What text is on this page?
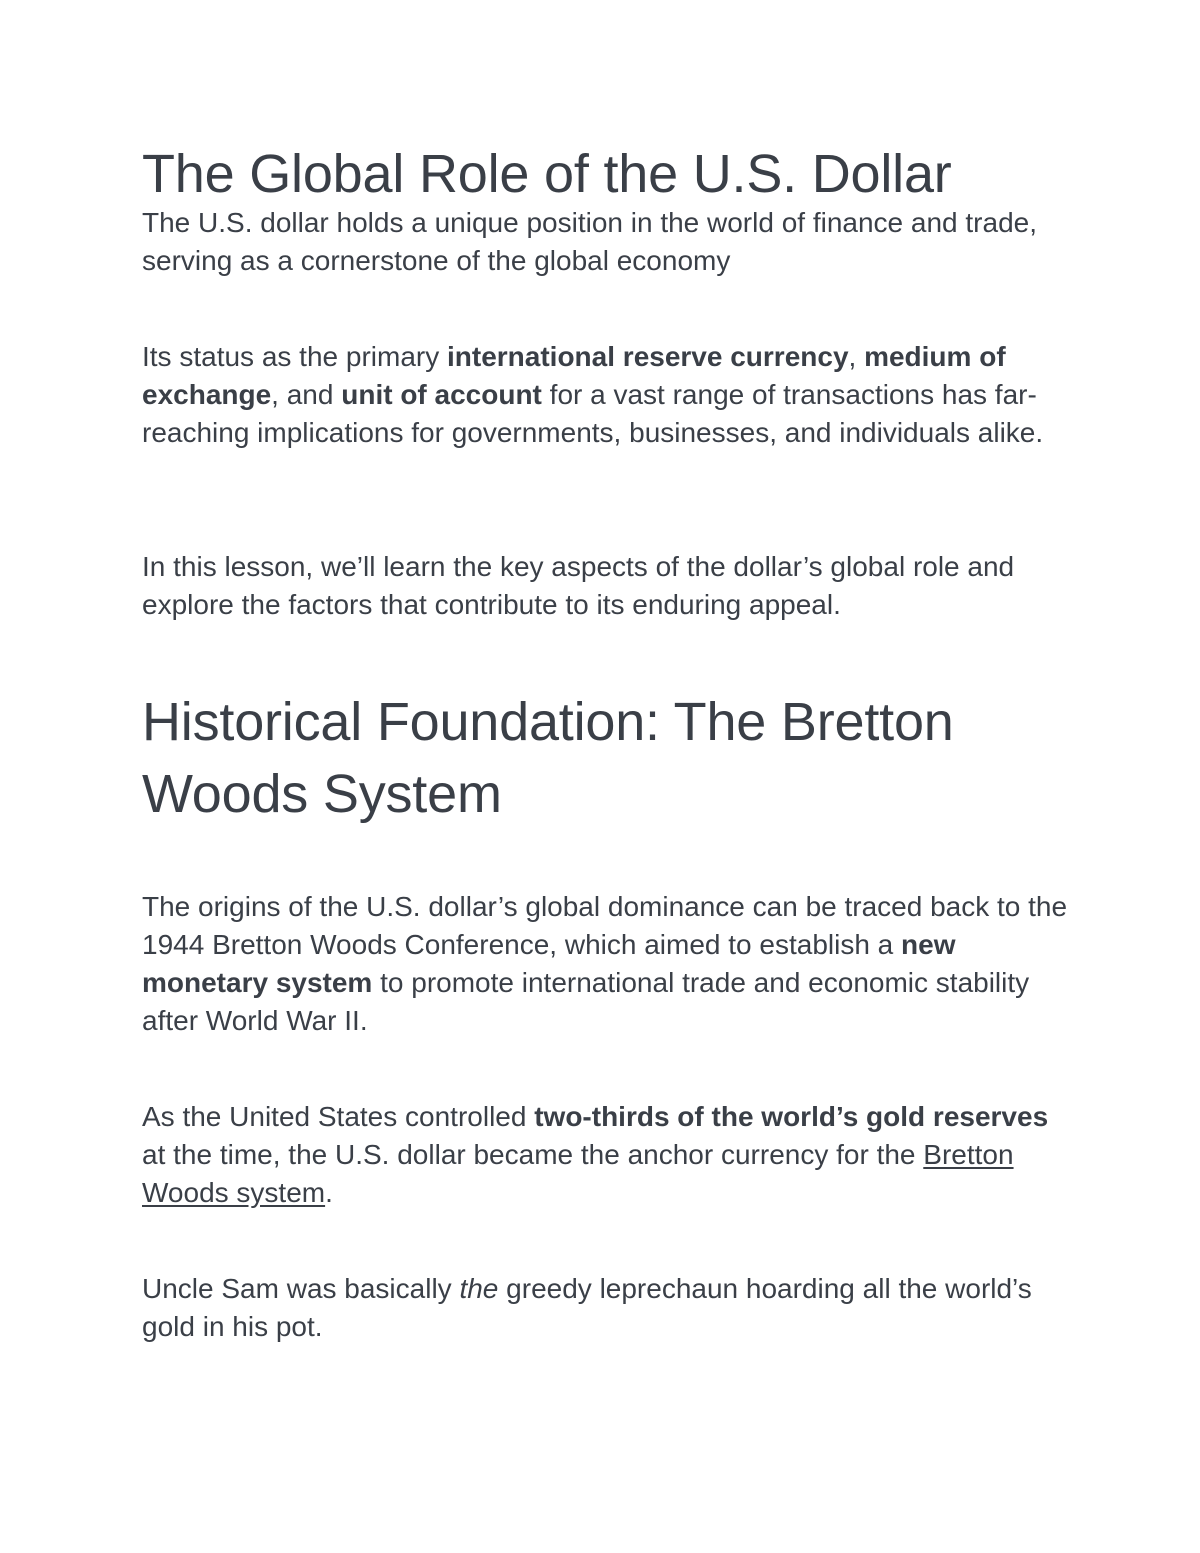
The Global Role of the U.S. Dollar

The U.S. dollar holds a unique position in the world of finance and trade, serving as a cornerstone of the global economy

Its status as the primary international reserve currency, medium of exchange, and unit of account for a vast range of transactions has far-reaching implications for governments, businesses, and individuals alike.

In this lesson, we’ll learn the key aspects of the dollar’s global role and explore the factors that contribute to its enduring appeal.

Historical Foundation: The Bretton Woods System

The origins of the U.S. dollar’s global dominance can be traced back to the 1944 Bretton Woods Conference, which aimed to establish a new monetary system to promote international trade and economic stability after World War II.

As the United States controlled two-thirds of the world’s gold reserves at the time, the U.S. dollar became the anchor currency for the Bretton Woods system.

Uncle Sam was basically the greedy leprechaun hoarding all the world’s gold in his pot.
